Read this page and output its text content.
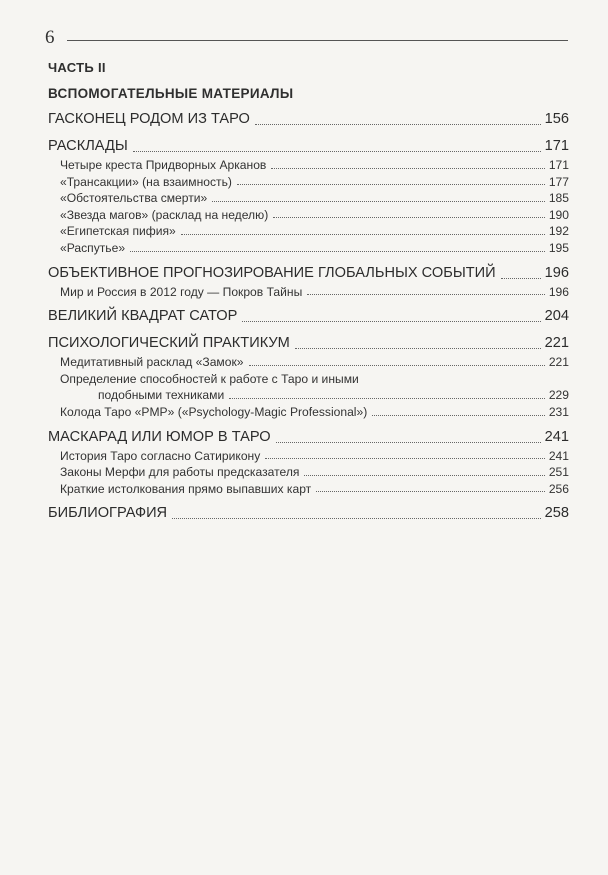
6
ЧАСТЬ II
ВСПОМОГАТЕЛЬНЫЕ МАТЕРИАЛЫ
ГАСКОНЕЦ РОДОМ ИЗ ТАРО	156
РАСКЛАДЫ	171
Четыре креста Придворных Арканов	171
«Трансакции» (на взаимность)	177
«Обстоятельства смерти»	185
«Звезда магов» (расклад на неделю)	190
«Египетская пифия»	192
«Распутье»	195
ОБЪЕКТИВНОЕ ПРОГНОЗИРОВАНИЕ ГЛОБАЛЬНЫХ СОБЫТИЙ	196
Мир и Россия в 2012 году — Покров Тайны	196
ВЕЛИКИЙ КВАДРАТ САТОР	204
ПСИХОЛОГИЧЕСКИЙ ПРАКТИКУМ	221
Медитативный расклад «Замок»	221
Определение способностей к работе с Таро и иными
подобными техниками	229
Колода Таро «PMP» («Psychology-Magic Professional»)	231
МАСКАРАД ИЛИ ЮМОР В ТАРО	241
История Таро согласно Сатирикону	241
Законы Мерфи для работы предсказателя	251
Краткие истолкования прямо выпавших карт	256
БИБЛИОГРАФИЯ	258
